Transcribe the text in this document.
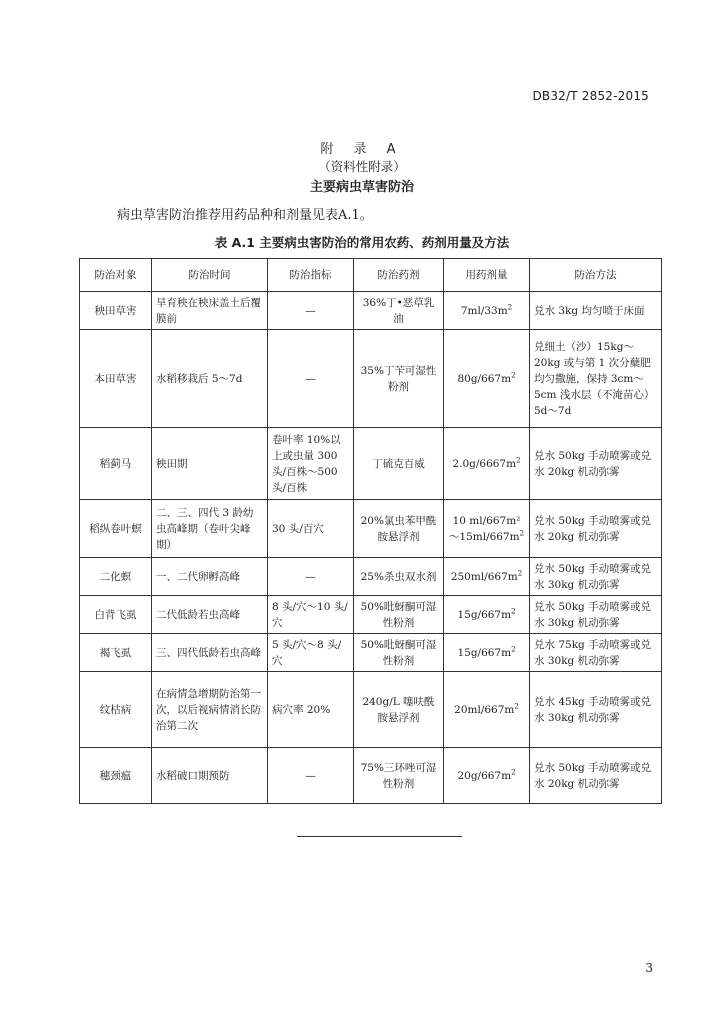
DB32/T 2852-2015
附 录 A
（资料性附录）
主要病虫草害防治
病虫草害防治推荐用药品种和剂量见表A.1。
表 A.1 主要病虫害防治的常用农药、药剂用量及方法
防治对象	防治时间	防治指标	防治药剂	用药剂量	防治方法
秧田草害	旱育秧在秧床盖土后覆膜前	—	36%丁•恶草乳油	$7ml/33m^2$	兑水 3kg 均匀喷于床面
本田草害	水稻移栽后 5～7d	—	35%丁苄可湿性粉剂	$80g/667m^2$	兑细土（沙）15kg～20kg 或与第 1 次分蘖肥均匀撒施，保持 3cm～5cm 浅水层（不淹苗心）5d～7d
稻蓟马	秧田期	卷叶率 10%以上或虫量 300 头/百株～500 头/百株	丁硫克百威	$2.0g/6667m^2$	兑水 50kg 手动喷雾或兑水 20kg 机动弥雾
稻纵卷叶螟	二、三、四代 3 龄幼虫高峰期（卷叶尖峰期）	30 头/百穴	20%氯虫苯甲酰胺悬浮剂	10 $ml/667m^2\sim 15ml/667m^2$	兑水 50kg 手动喷雾或兑水 20kg 机动弥雾
二化螟	一、二代卵孵高峰	—	25%杀虫双水剂	$250ml/667m^2$	兑水 50kg 手动喷雾或兑水 30kg 机动弥雾
白背飞虱	二代低龄若虫高峰	8 头/穴～10 头/穴	50%吡蚜酮可湿性粉剂	$15g/667m^2$	兑水 50kg 手动喷雾或兑水 30kg 机动弥雾
褐飞虱	三、四代低龄若虫高峰	5 头/穴～8 头/穴	50%吡蚜酮可湿性粉剂	$15g/667m^2$	兑水 75kg 手动喷雾或兑水 30kg 机动弥雾
纹枯病	在病情急增期防治第一次，以后视病情消长防治第二次	病穴率 20%	240g/L 噻呋酰胺悬浮剂	$20ml/667m^2$	兑水 45kg 手动喷雾或兑水 30kg 机动弥雾
穗颈瘟	水稻破口期预防	—	75%三环唑可湿性粉剂	$20g/667m^2$	兑水 50kg 手动喷雾或兑水 20kg 机动弥雾
3
